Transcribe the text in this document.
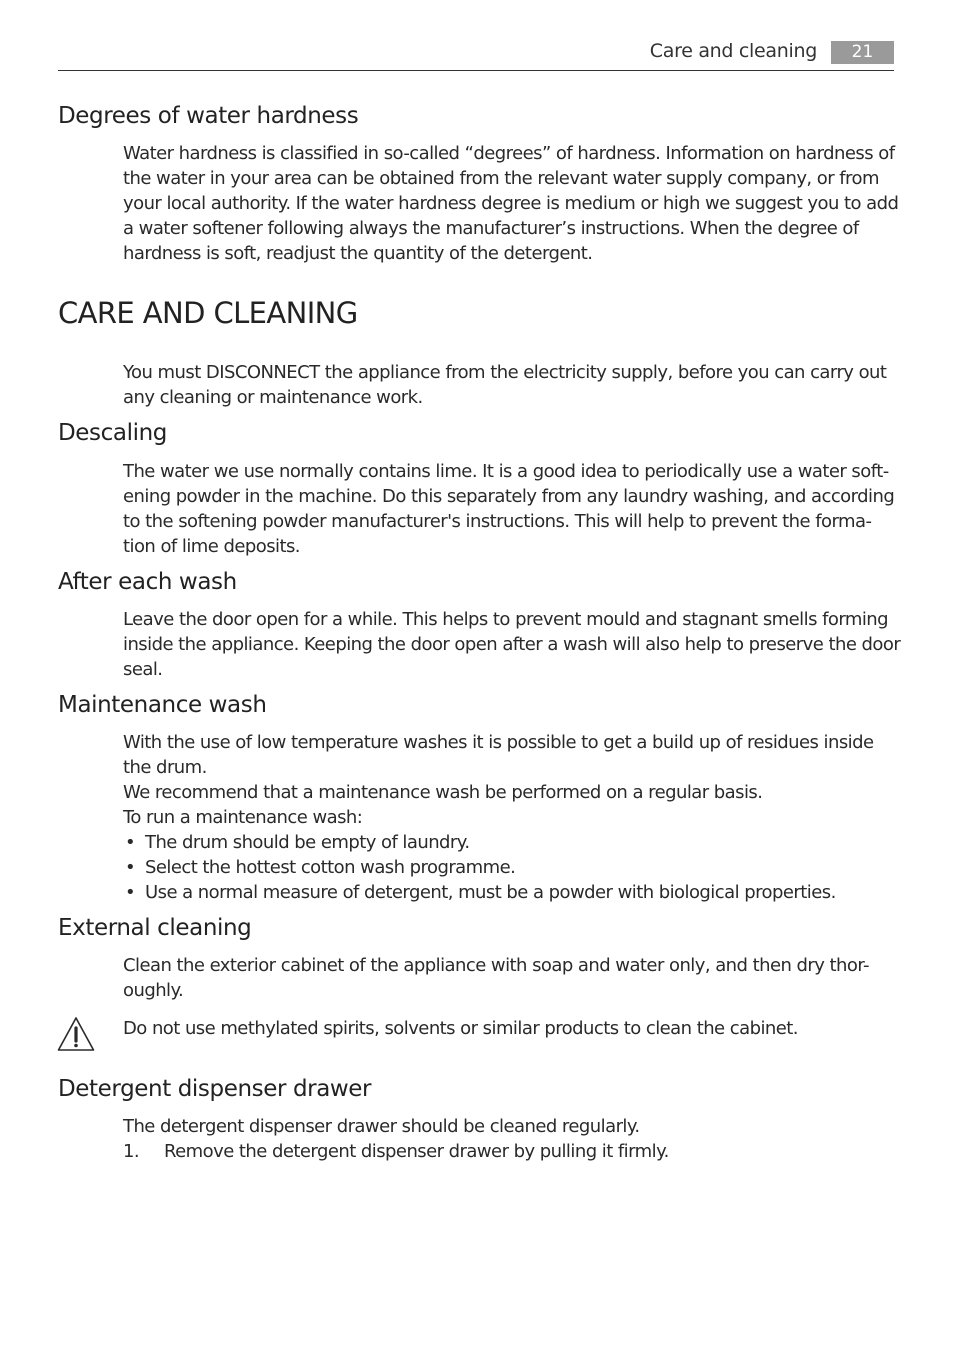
Care and cleaning	21
Degrees of water hardness
Water hardness is classified in so-called “degrees” of hardness. Information on hardness of
the water in your area can be obtained from the relevant water supply company, or from
your local authority. If the water hardness degree is medium or high we suggest you to add
a water softener following always the manufacturer’s instructions. When the degree of
hardness is soft, readjust the quantity of the detergent.
CARE AND CLEANING
You must DISCONNECT the appliance from the electricity supply, before you can carry out
any cleaning or maintenance work.
Descaling
The water we use normally contains lime. It is a good idea to periodically use a water soft-
ening powder in the machine. Do this separately from any laundry washing, and according
to the softening powder manufacturer's instructions. This will help to prevent the forma-
tion of lime deposits.
After each wash
Leave the door open for a while. This helps to prevent mould and stagnant smells forming
inside the appliance. Keeping the door open after a wash will also help to preserve the door
seal.
Maintenance wash
With the use of low temperature washes it is possible to get a build up of residues inside
the drum.
We recommend that a maintenance wash be performed on a regular basis.
To run a maintenance wash:
• The drum should be empty of laundry.
• Select the hottest cotton wash programme.
• Use a normal measure of detergent, must be a powder with biological properties.
External cleaning
Clean the exterior cabinet of the appliance with soap and water only, and then dry thor-
oughly.
Do not use methylated spirits, solvents or similar products to clean the cabinet.
Detergent dispenser drawer
The detergent dispenser drawer should be cleaned regularly.
1. Remove the detergent dispenser drawer by pulling it firmly.
